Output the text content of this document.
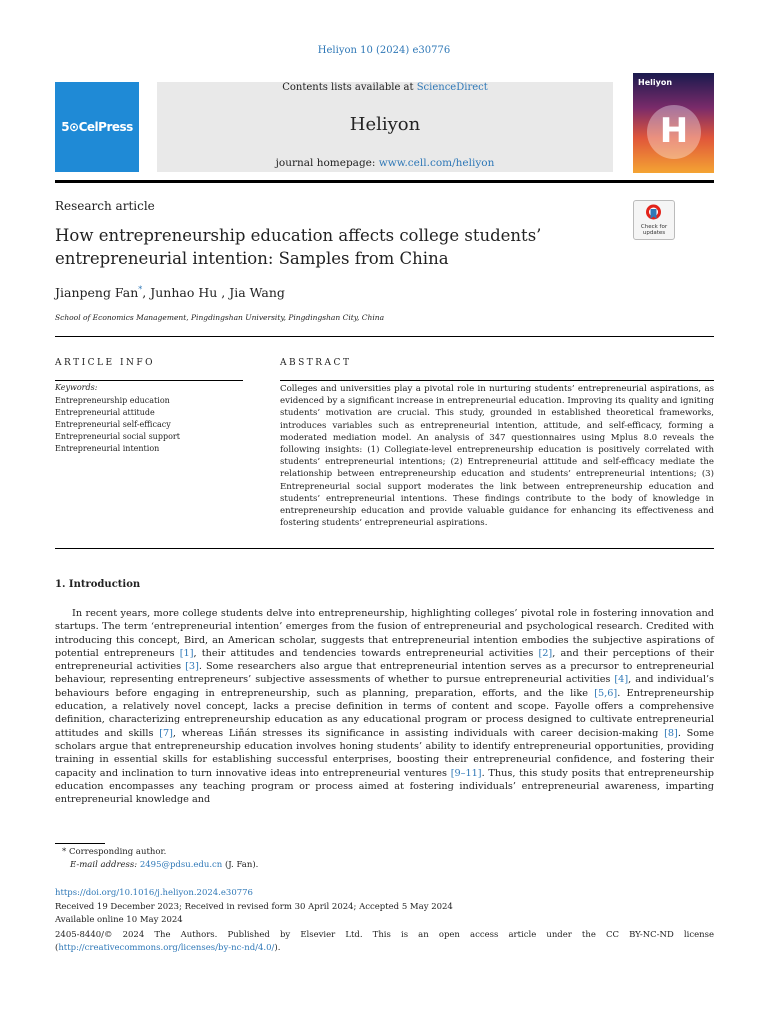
Heliyon 10 (2024) e30776
5⊙CelPress
Contents lists available at ScienceDirect
Heliyon
journal homepage: www.cell.com/heliyon
Heliyon
H
Research article
Check for updates
How entrepreneurship education affects college students’ entrepreneurial intention: Samples from China
Jianpeng Fan*, Junhao Hu , Jia Wang
School of Economics Management, Pingdingshan University, Pingdingshan City, China
ARTICLE INFO	ABSTRACT
Keywords:
Entrepreneurship education
Entrepreneurial attitude
Entrepreneurial self-efficacy
Entrepreneurial social support
Entrepreneurial intention
Colleges and universities play a pivotal role in nurturing students’ entrepreneurial aspirations, as evidenced by a significant increase in entrepreneurial education. Improving its quality and igniting students’ motivation are crucial. This study, grounded in established theoretical frameworks, introduces variables such as entrepreneurial intention, attitude, and self-efficacy, forming a moderated mediation model. An analysis of 347 questionnaires using Mplus 8.0 reveals the following insights: (1) Collegiate-level entrepreneurship education is positively correlated with students’ entrepreneurial intentions; (2) Entrepreneurial attitude and self-efficacy mediate the relationship between entrepreneurship education and students’ entrepreneurial intentions; (3) Entrepreneurial social support moderates the link between entrepreneurship education and students’ entrepreneurial intentions. These findings contribute to the body of knowledge in entrepreneurship education and provide valuable guidance for enhancing its effectiveness and fostering students’ entrepreneurial aspirations.
1. Introduction
In recent years, more college students delve into entrepreneurship, highlighting colleges’ pivotal role in fostering innovation and startups. The term ‘entrepreneurial intention’ emerges from the fusion of entrepreneurial and psychological research. Credited with introducing this concept, Bird, an American scholar, suggests that entrepreneurial intention embodies the subjective aspirations of potential entrepreneurs [1], their attitudes and tendencies towards entrepreneurial activities [2], and their perceptions of their entrepreneurial activities [3]. Some researchers also argue that entrepreneurial intention serves as a precursor to entrepreneurial behaviour, representing entrepreneurs’ subjective assessments of whether to pursue entrepreneurial activities [4], and individual’s behaviours before engaging in entrepreneurship, such as planning, preparation, efforts, and the like [5,6]. Entrepreneurship education, a relatively novel concept, lacks a precise definition in terms of content and scope. Fayolle offers a comprehensive definition, characterizing entrepreneurship education as any educational program or process designed to cultivate entrepreneurial attitudes and skills [7], whereas Liñán stresses its significance in assisting individuals with career decision-making [8]. Some scholars argue that entrepreneurship education involves honing students’ ability to identify entrepreneurial opportunities, providing training in essential skills for establishing successful enterprises, boosting their entrepreneurial confidence, and fostering their capacity and inclination to turn innovative ideas into entrepreneurial ventures [9–11]. Thus, this study posits that entrepreneurship education encompasses any teaching program or process aimed at fostering individuals’ entrepreneurial awareness, imparting entrepreneurial knowledge and
* Corresponding author.
E-mail address: 2495@pdsu.edu.cn (J. Fan).
https://doi.org/10.1016/j.heliyon.2024.e30776
Received 19 December 2023; Received in revised form 30 April 2024; Accepted 5 May 2024
Available online 10 May 2024
2405-8440/© 2024 The Authors. Published by Elsevier Ltd. This is an open access article under the CC BY-NC-ND license (http://creativecommons.org/licenses/by-nc-nd/4.0/).
